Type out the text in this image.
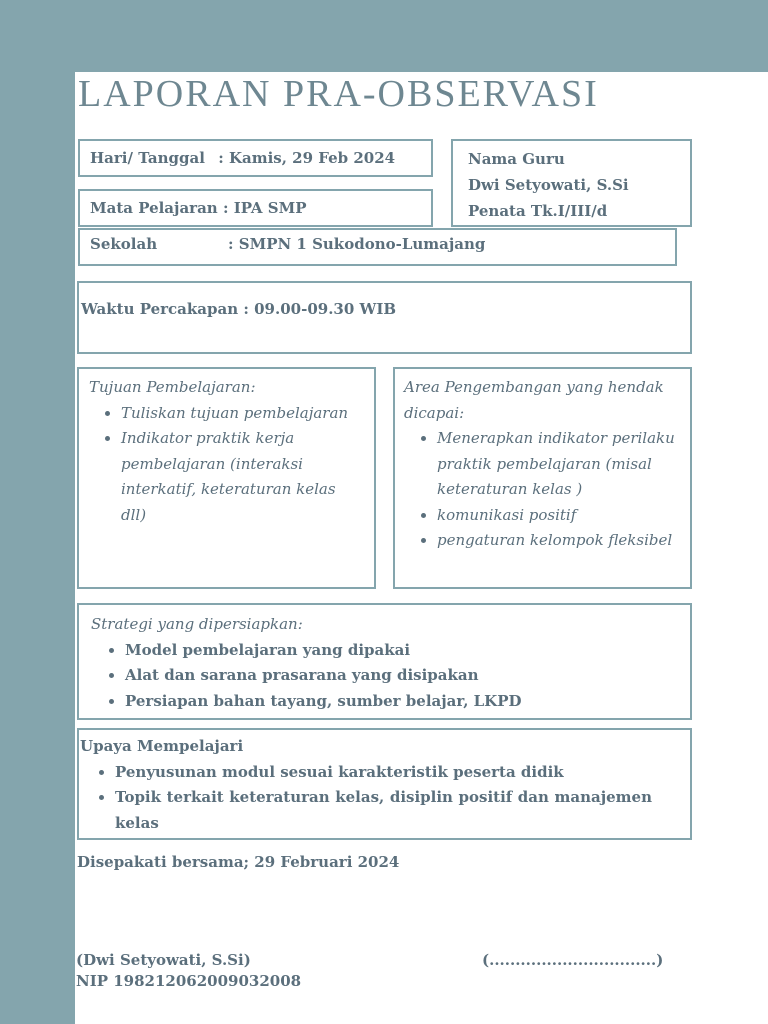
LAPORAN PRA-OBSERVASI
Hari/ Tanggal : Kamis, 29 Feb 2024
Mata Pelajaran : IPA SMP
Nama Guru
Dwi Setyowati, S.Si
Penata Tk.I/III/d
Sekolah	: SMPN 1 Sukodono-Lumajang
Waktu Percakapan : 09.00-09.30 WIB
Tujuan Pembelajaran:
• Tuliskan tujuan pembelajaran
• Indikator praktik kerja pembelajaran (interaksi interkatif, keteraturan kelas dll)
Area Pengembangan yang hendak dicapai:
• Menerapkan indikator perilaku praktik pembelajaran (misal keteraturan kelas )
• komunikasi positif
• pengaturan kelompok fleksibel
Strategi yang dipersiapkan:
• Model pembelajaran yang dipakai
• Alat dan sarana prasarana yang disipakan
• Persiapan bahan tayang, sumber belajar, LKPD
Upaya Mempelajari
• Penyusunan modul sesuai karakteristik peserta didik
• Topik terkait keteraturan kelas, disiplin positif dan manajemen kelas
Disepakati bersama; 29 Februari 2024
(Dwi Setyowati, S.Si)
NIP 198212062009032008
(................................)
